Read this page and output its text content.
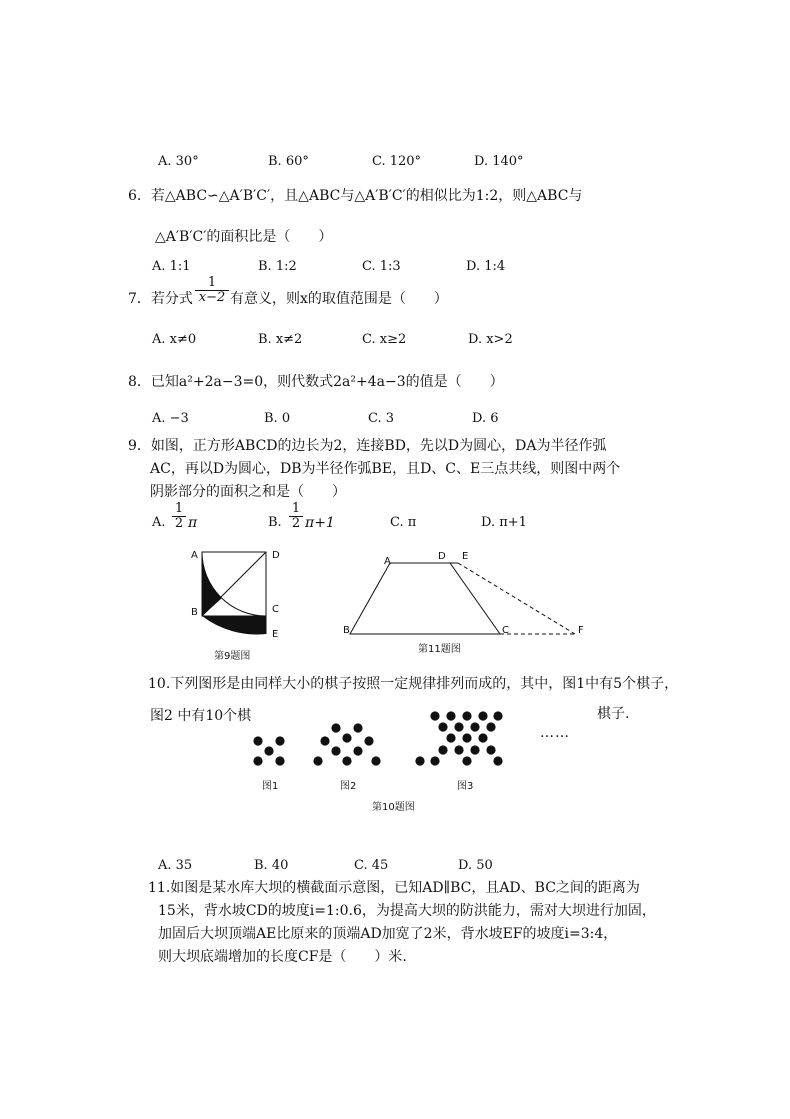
A. 30°	B. 60°	C. 120°	D. 140°
6．若△ABC∽△A′B′C′，且△ABC与△A′B′C′的相似比为1:2，则△ABC与
△A′B′C′的面积比是（　　）
A. 1:1	B. 1:2	C. 1:3	D. 1:4
7．若分式 $\frac{1}{x-2}$ 有意义，则x的取值范围是（　　）
A. x≠0	B. x≠2	C. x≥2	D. x>2
8．已知a²+2a−3=0，则代数式2a²+4a−3的值是（　　）
A. −3	B. 0	C. 3	D. 6
9．如图，正方形ABCD的边长为2，连接BD，先以D为圆心，DA为半径作弧
AC，再以D为圆心，DB为半径作弧BE，且D、C、E三点共线，则图中两个
阴影部分的面积之和是（　　）
A. $\frac{1}{2}$ π	B. $\frac{1}{2} \pi+1$	C. π	D. π+1
A	D
B	C
E
第9题图
A	D E
B	C	F
第11题图
10.下列图形是由同样大小的棋子按照一定规律排列而成的，其中，图1中有5个棋子，
图2 中有10个棋	棋子.
……
图1	图2	图3
第10题图
A. 35	B. 40	C. 45	D. 50
11.如图是某水库大坝的横截面示意图，已知AD∥BC，且AD、BC之间的距离为
15米，背水坡CD的坡度i=1:0.6，为提高大坝的防洪能力，需对大坝进行加固，
加固后大坝顶端AE比原来的顶端AD加宽了2米，背水坡EF的坡度i=3:4，
则大坝底端增加的长度CF是（　　）米.
